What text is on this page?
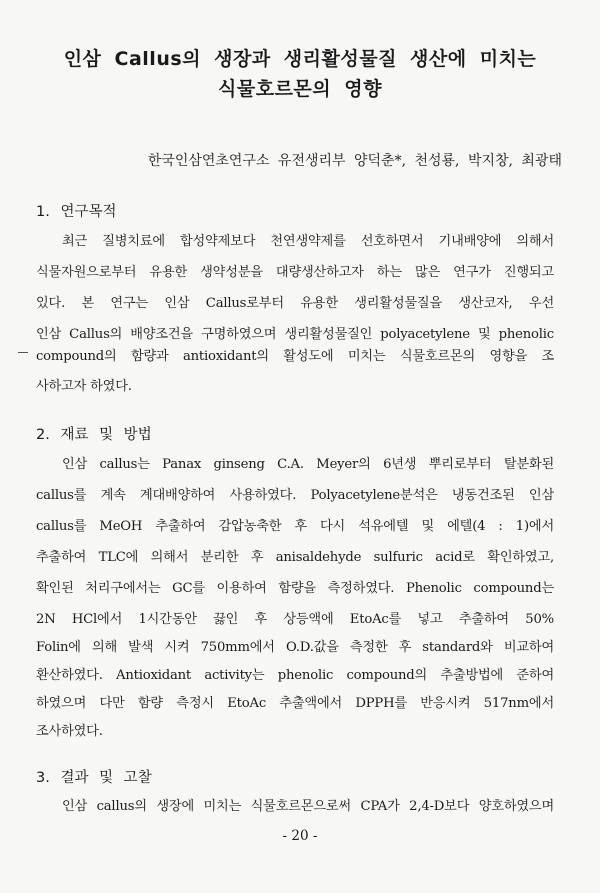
인삼 Callus의 생장과 생리활성물질 생산에 미치는
식물호르몬의 영향
한국인삼연초연구소 유전생리부 양덕춘*, 천성룡, 박지창, 최광태
1. 연구목적
최근 질병치료에 합성약제보다 천연생약제를 선호하면서 기내배양에 의해서
식물자원으로부터 유용한 생약성분을 대량생산하고자 하는 많은 연구가 진행되고
있다. 본 연구는 인삼 Callus로부터 유용한 생리활성물질을 생산코자, 우선
인삼 Callus의 배양조건을 구명하였으며 생리활성물질인 polyacetylene 및 phenolic
compound의 함량과 antioxidant의 활성도에 미치는 식물호르몬의 영향을 조
사하고자 하였다.
2. 재료 및 방법
인삼 callus는 Panax ginseng C.A. Meyer의 6년생 뿌리로부터 탈분화된
callus를 계속 계대배양하여 사용하였다. Polyacetylene분석은 냉동건조된 인삼
callus를 MeOH 추출하여 감압농축한 후 다시 석유에텔 및 에텔(4 : 1)에서
추출하여 TLC에 의해서 분리한 후 anisaldehyde sulfuric acid로 확인하였고,
확인된 처리구에서는 GC를 이용하여 함량을 측정하였다. Phenolic compound는
2N HCl에서 1시간동안 끓인 후 상등액에 EtoAc를 넣고 추출하여 50%
Folin에 의해 발색 시켜 750mm에서 O.D.값을 측정한 후 standard와 비교하여
환산하였다. Antioxidant activity는 phenolic compound의 추출방법에 준하여
하였으며 다만 함량 측정시 EtoAc 추출액에서 DPPH를 반응시켜 517nm에서
조사하였다.
3. 결과 및 고찰
인삼 callus의 생장에 미치는 식물호르몬으로써 CPA가 2,4-D보다 양호하였으며
- 20 -
